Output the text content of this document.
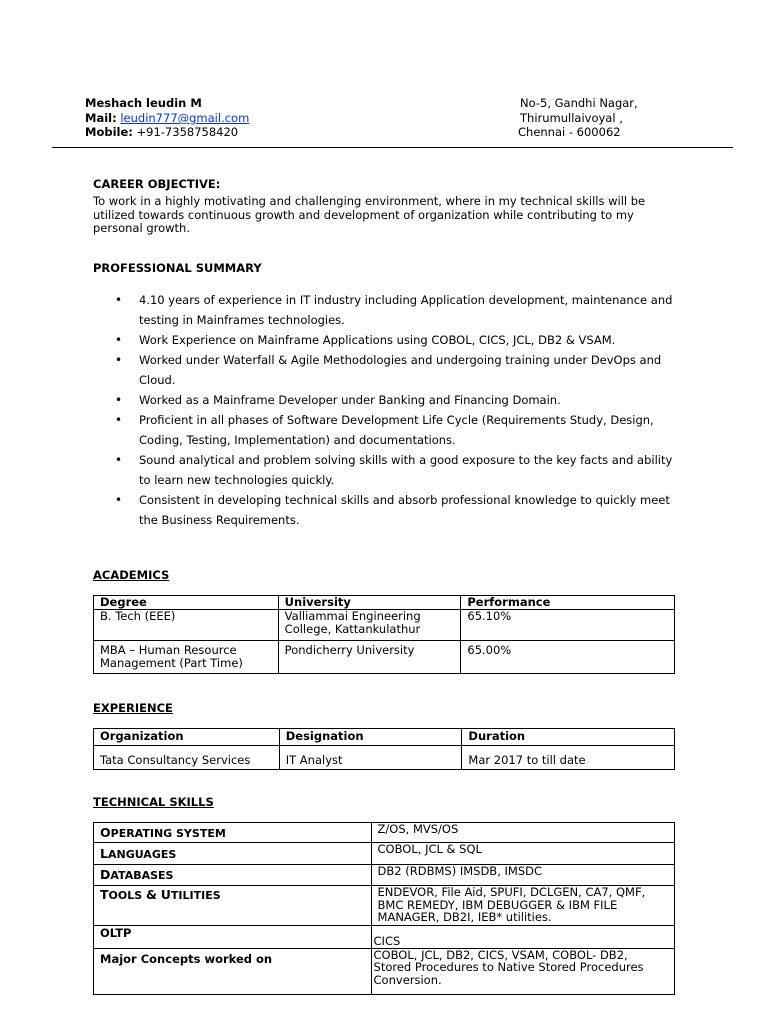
Meshach leudin M
Mail: leudin777@gmail.com
Mobile: +91-7358758420
No-5, Gandhi Nagar,
Thirumullaivoyal ,
Chennai - 600062
CAREER OBJECTIVE:
To work in a highly motivating and challenging environment, where in my technical skills will be
utilized towards continuous growth and development of organization while contributing to my
personal growth.
PROFESSIONAL SUMMARY
• 4.10 years of experience in IT industry including Application development, maintenance and testing in Mainframes technologies.
• Work Experience on Mainframe Applications using COBOL, CICS, JCL, DB2 & VSAM.
• Worked under Waterfall & Agile Methodologies and undergoing training under DevOps and Cloud.
• Worked as a Mainframe Developer under Banking and Financing Domain.
• Proficient in all phases of Software Development Life Cycle (Requirements Study, Design, Coding, Testing, Implementation) and documentations.
• Sound analytical and problem solving skills with a good exposure to the key facts and ability to learn new technologies quickly.
• Consistent in developing technical skills and absorb professional knowledge to quickly meet the Business Requirements.
ACADEMICS
Degree	University	Performance
B. Tech (EEE)	Valliammai Engineering College, Kattankulathur	65.10%
MBA – Human Resource Management (Part Time)	Pondicherry University	65.00%
EXPERIENCE
Organization	Designation	Duration
Tata Consultancy Services	IT Analyst	Mar 2017 to till date
TECHNICAL SKILLS
OPERATING SYSTEM	Z/OS, MVS/OS
LANGUAGES	COBOL, JCL & SQL
DATABASES	DB2 (RDBMS) IMSDB, IMSDC
TOOLS & UTILITIES	ENDEVOR, File Aid, SPUFI, DCLGEN, CA7, QMF, BMC REMEDY, IBM DEBUGGER & IBM FILE MANAGER, DB2I, IEB* utilities.
OLTP	CICS
Major Concepts worked on	COBOL, JCL, DB2, CICS, VSAM, COBOL- DB2, Stored Procedures to Native Stored Procedures Conversion.
